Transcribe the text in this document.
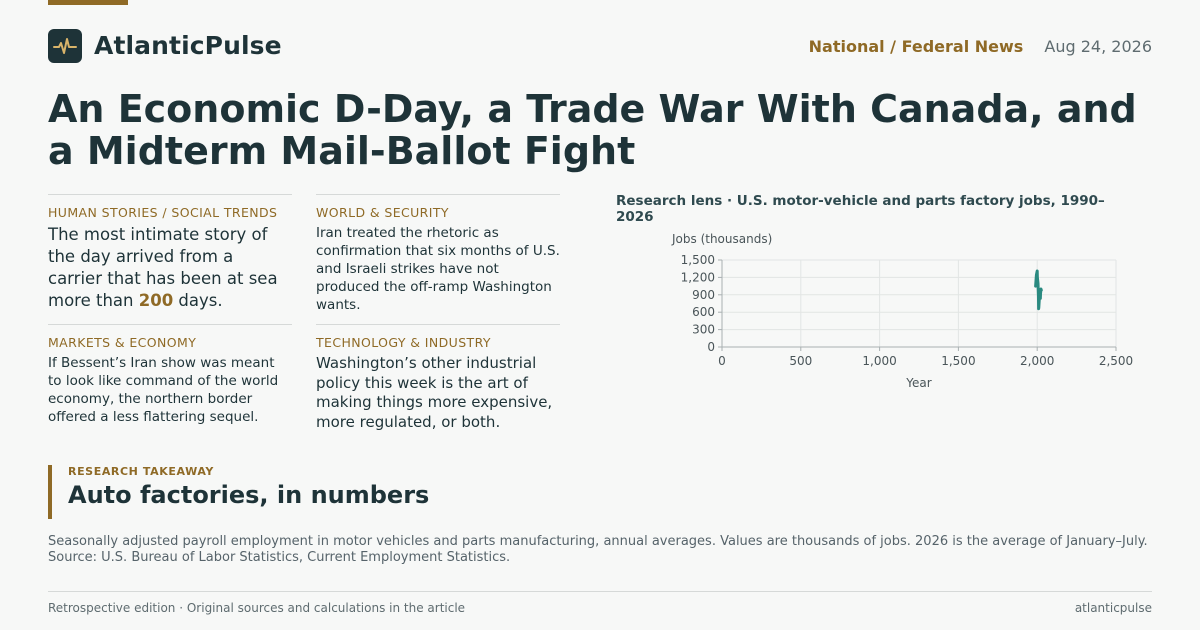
AtlanticPulse	National / Federal News Aug 24, 2026
An Economic D-Day, a Trade War With Canada, and a Midterm Mail-Ballot Fight
HUMAN STORIES / SOCIAL TRENDS
The most intimate story of the day arrived from a carrier that has been at sea more than 200 days.
WORLD & SECURITY
Iran treated the rhetoric as confirmation that six months of U.S. and Israeli strikes have not produced the off-ramp Washington wants.
MARKETS & ECONOMY
If Bessent’s Iran show was meant to look like command of the world economy, the northern border offered a less flattering sequel.
TECHNOLOGY & INDUSTRY
Washington’s other industrial policy this week is the art of making things more expensive, more regulated, or both.
Research lens · U.S. motor-vehicle and parts factory jobs, 1990–2026
0
300
600
900
1,200
1,500
0	500	1,000	1,500	2,000	2,500
Jobs (thousands)
Year
RESEARCH TAKEAWAY
Auto factories, in numbers
Seasonally adjusted payroll employment in motor vehicles and parts manufacturing, annual averages. Values are thousands of jobs. 2026 is the average of January–July. Source: U.S. Bureau of Labor Statistics, Current Employment Statistics.
Retrospective edition · Original sources and calculations in the article	atlanticpulse
